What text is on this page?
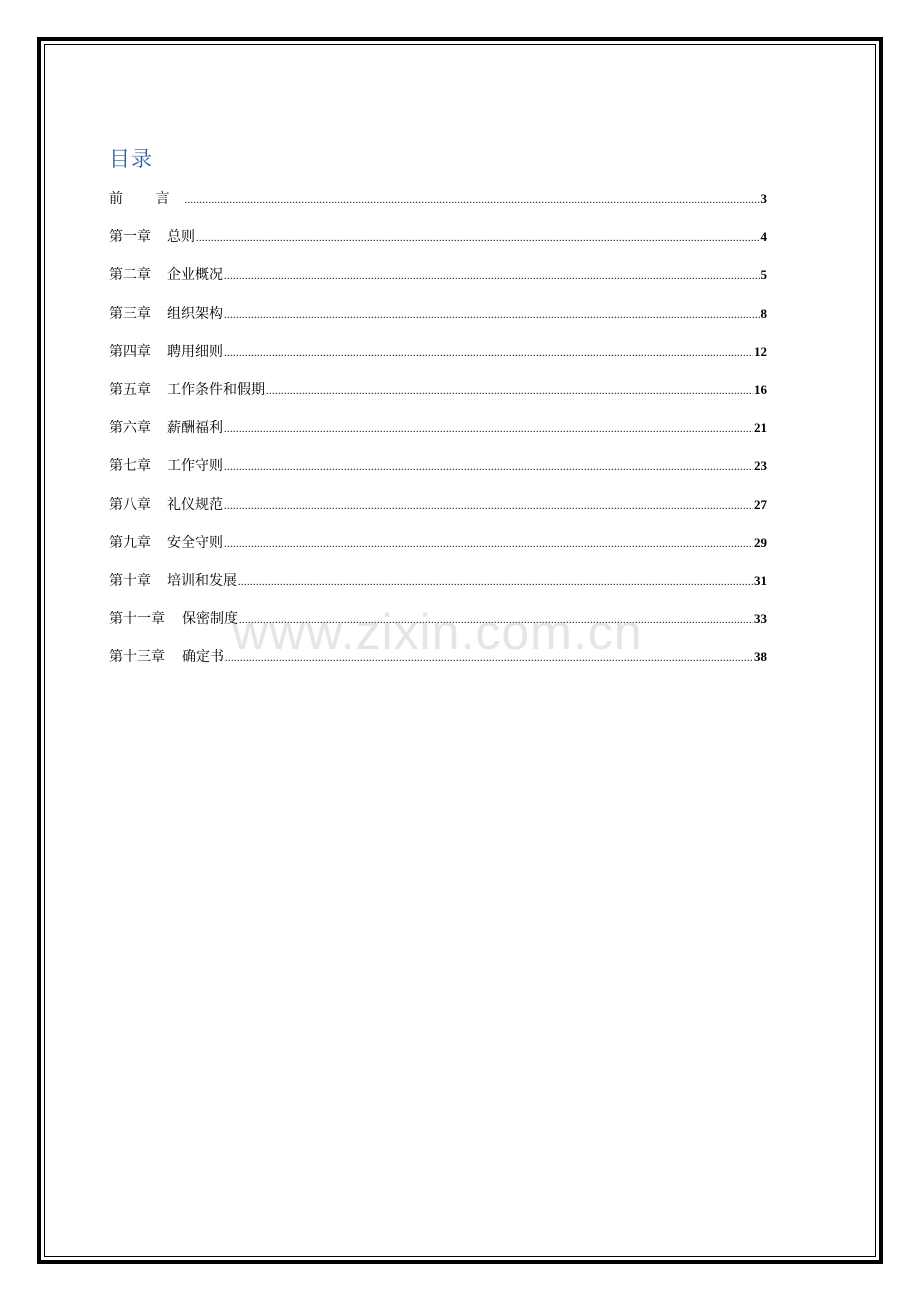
目录
前 言 .....	3
第一章 总则 .....	4
第二章 企业概况 .....	5
第三章 组织架构 .....	8
第四章 聘用细则 .....	12
第五章 工作条件和假期 .....	16
第六章 薪酬福利 .....	21
第七章 工作守则 .....	23
第八章 礼仪规范 .....	27
第九章 安全守则 .....	29
第十章 培训和发展 .....	31
第十一章 保密制度 .....	33
第十三章 确定书 .....	38
www.zixin.com.cn
